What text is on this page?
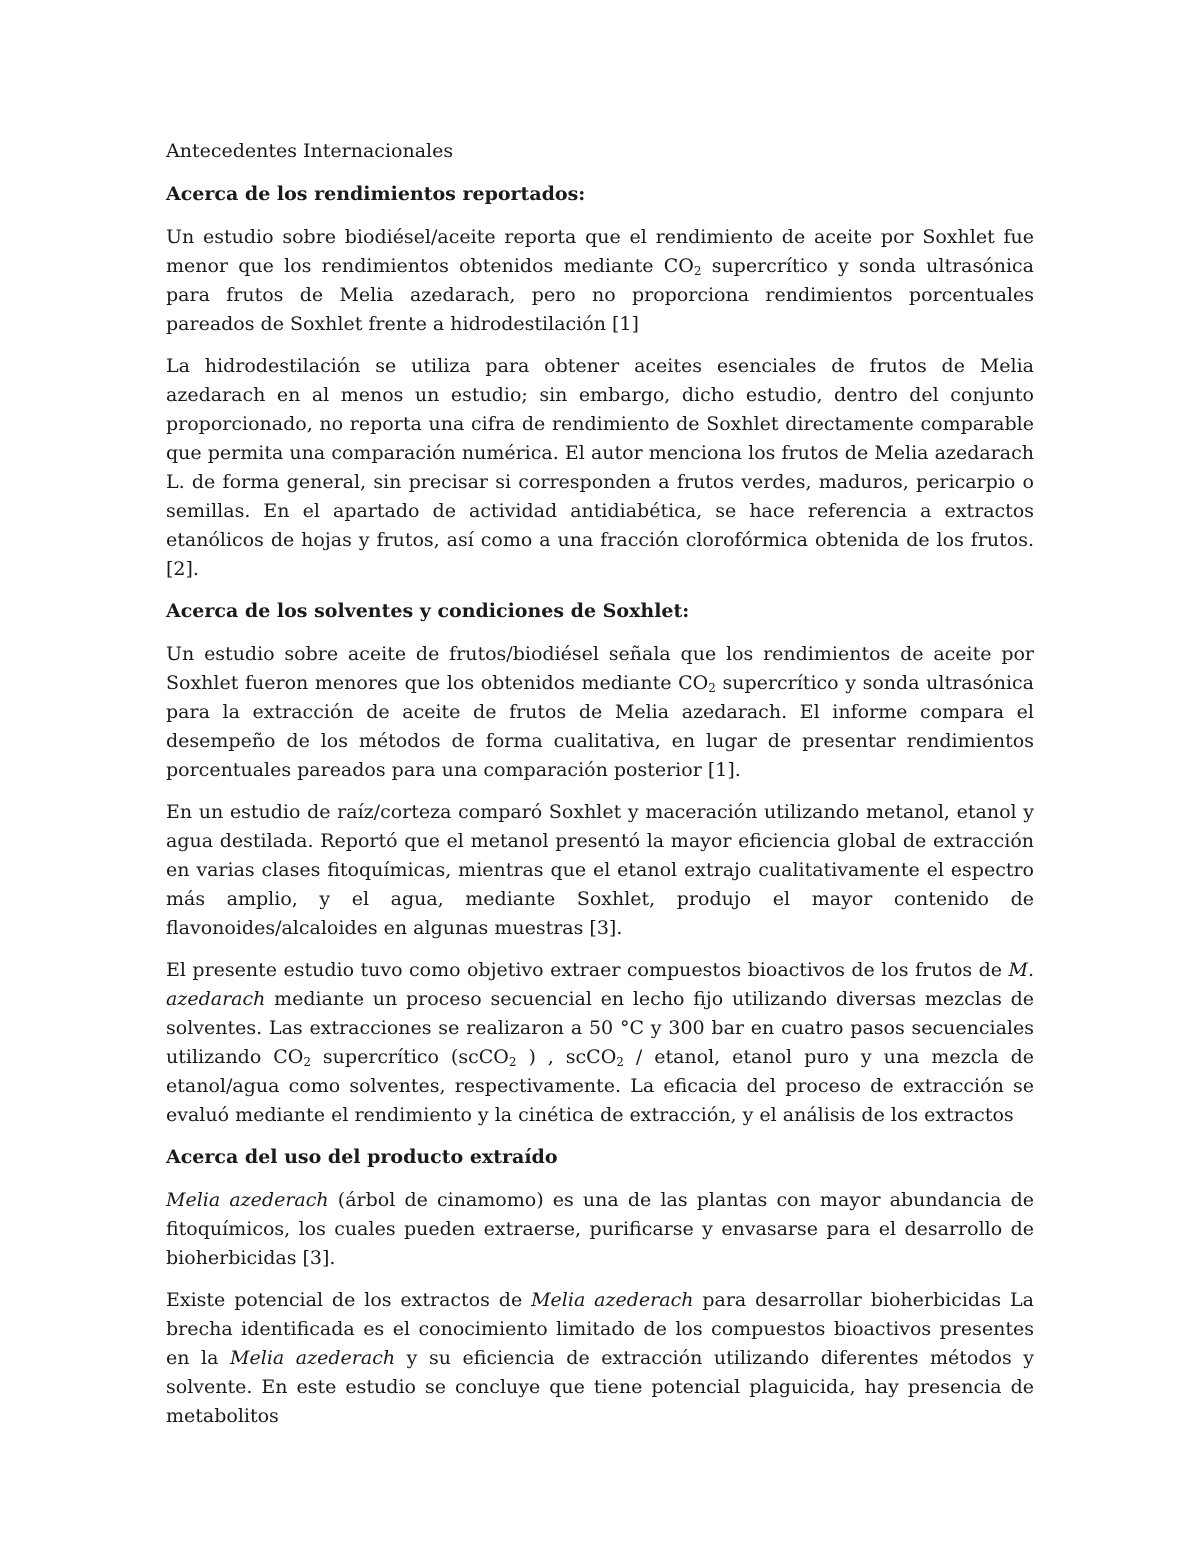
Antecedentes Internacionales

Acerca de los rendimientos reportados:

Un estudio sobre biodiésel/aceite reporta que el rendimiento de aceite por Soxhlet fue menor que los rendimientos obtenidos mediante $CO_2$ supercrítico y sonda ultrasónica para frutos de Melia azedarach, pero no proporciona rendimientos porcentuales pareados de Soxhlet frente a hidrodestilación [1]

La hidrodestilación se utiliza para obtener aceites esenciales de frutos de Melia azedarach en al menos un estudio; sin embargo, dicho estudio, dentro del conjunto proporcionado, no reporta una cifra de rendimiento de Soxhlet directamente comparable que permita una comparación numérica. El autor menciona los frutos de Melia azedarach L. de forma general, sin precisar si corresponden a frutos verdes, maduros, pericarpio o semillas. En el apartado de actividad antidiabética, se hace referencia a extractos etanólicos de hojas y frutos, así como a una fracción clorofórmica obtenida de los frutos. [2].

Acerca de los solventes y condiciones de Soxhlet:

Un estudio sobre aceite de frutos/biodiésel señala que los rendimientos de aceite por Soxhlet fueron menores que los obtenidos mediante $CO_2$ supercrítico y sonda ultrasónica para la extracción de aceite de frutos de Melia azedarach. El informe compara el desempeño de los métodos de forma cualitativa, en lugar de presentar rendimientos porcentuales pareados para una comparación posterior [1].

En un estudio de raíz/corteza comparó Soxhlet y maceración utilizando metanol, etanol y agua destilada. Reportó que el metanol presentó la mayor eficiencia global de extracción en varias clases fitoquímicas, mientras que el etanol extrajo cualitativamente el espectro más amplio, y el agua, mediante Soxhlet, produjo el mayor contenido de flavonoides/alcaloides en algunas muestras [3].

El presente estudio tuvo como objetivo extraer compuestos bioactivos de los frutos de M. azedarach mediante un proceso secuencial en lecho fijo utilizando diversas mezclas de solventes. Las extracciones se realizaron a 50 °C y 300 bar en cuatro pasos secuenciales utilizando $CO_2$ supercrítico (scCO$_2$ ) , scCO$_2$ / etanol, etanol puro y una mezcla de etanol/agua como solventes, respectivamente. La eficacia del proceso de extracción se evaluó mediante el rendimiento y la cinética de extracción, y el análisis de los extractos

Acerca del uso del producto extraído

Melia azederach (árbol de cinamomo) es una de las plantas con mayor abundancia de fitoquímicos, los cuales pueden extraerse, purificarse y envasarse para el desarrollo de bioherbicidas [3].

Existe potencial de los extractos de Melia azederach para desarrollar bioherbicidas La brecha identificada es el conocimiento limitado de los compuestos bioactivos presentes en la Melia azederach y su eficiencia de extracción utilizando diferentes métodos y solvente. En este estudio se concluye que tiene potencial plaguicida, hay presencia de metabolitos
